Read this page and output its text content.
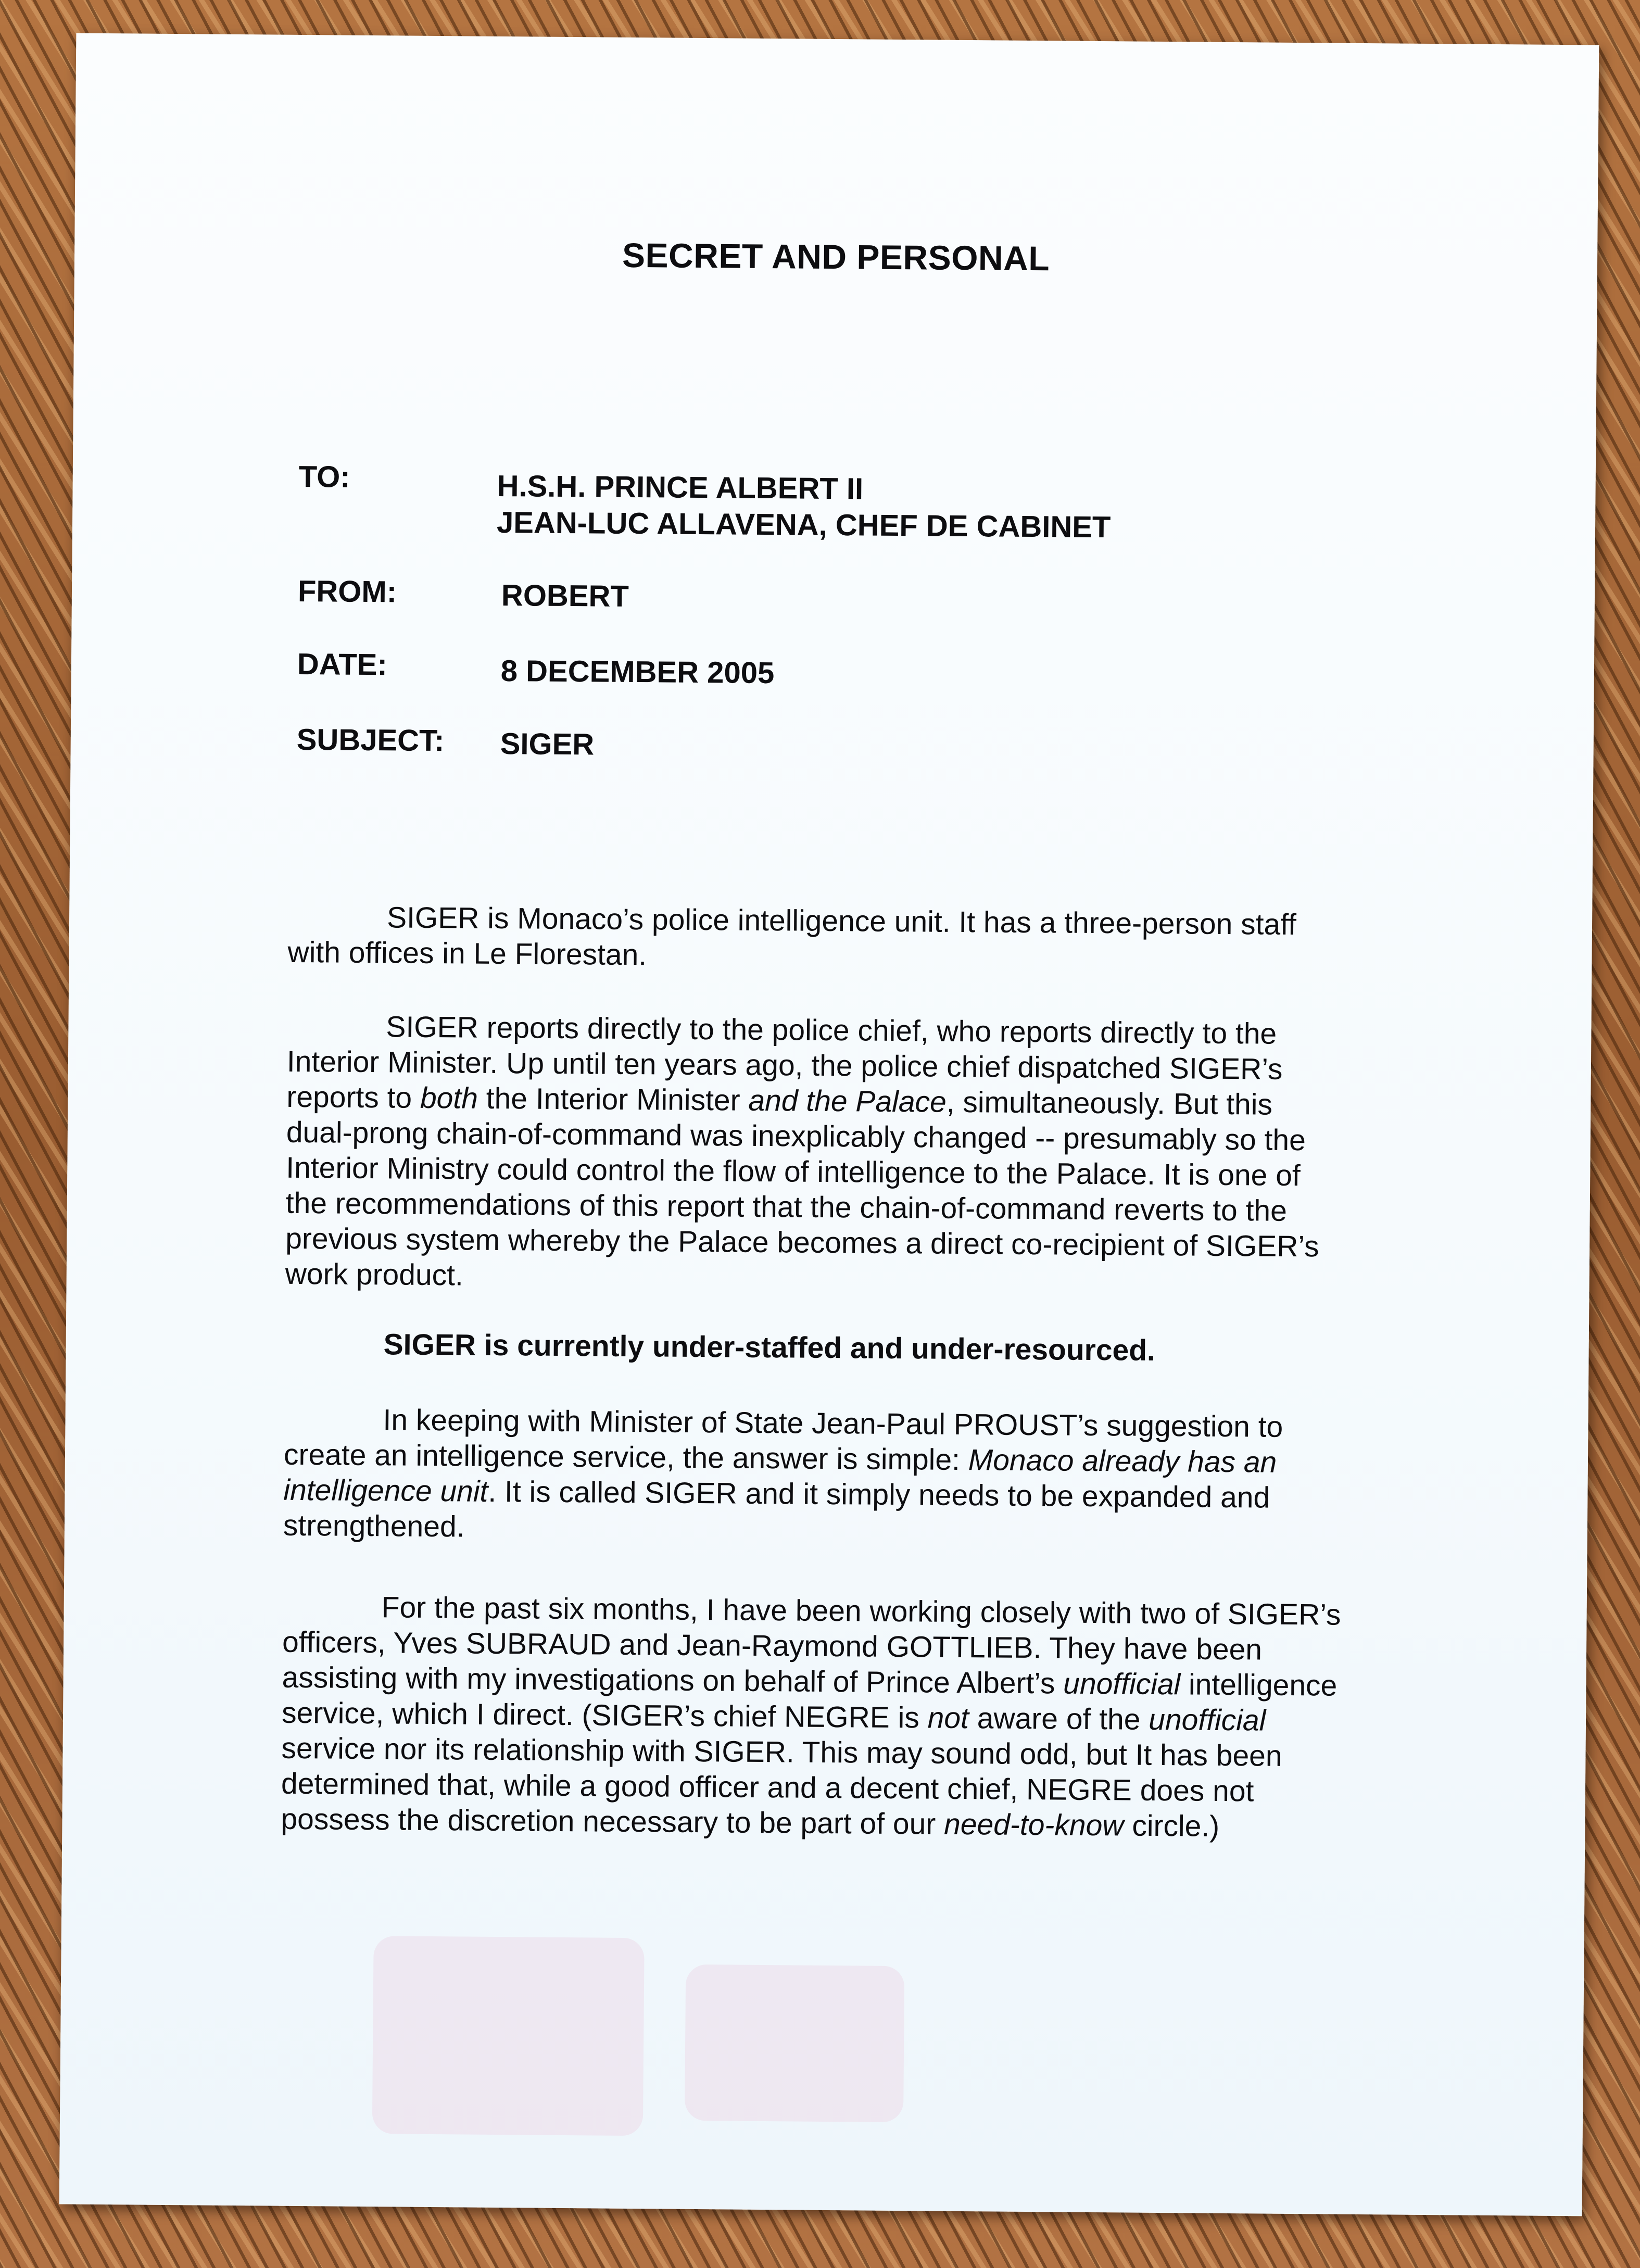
SECRET AND PERSONAL
TO:	H.S.H. PRINCE ALBERT II
JEAN-LUC ALLAVENA, CHEF DE CABINET
FROM:	ROBERT
DATE:	8 DECEMBER 2005
SUBJECT: SIGER
SIGER is Monaco’s police intelligence unit. It has a three-person staff
with offices in Le Florestan.
SIGER reports directly to the police chief, who reports directly to the
Interior Minister. Up until ten years ago, the police chief dispatched SIGER’s
reports to both the Interior Minister and the Palace, simultaneously. But this
dual-prong chain-of-command was inexplicably changed -- presumably so the
Interior Ministry could control the flow of intelligence to the Palace. It is one of
the recommendations of this report that the chain-of-command reverts to the
previous system whereby the Palace becomes a direct co-recipient of SIGER’s
work product.
SIGER is currently under-staffed and under-resourced.
In keeping with Minister of State Jean-Paul PROUST’s suggestion to
create an intelligence service, the answer is simple: Monaco already has an
intelligence unit. It is called SIGER and it simply needs to be expanded and
strengthened.
For the past six months, I have been working closely with two of SIGER’s
officers, Yves SUBRAUD and Jean-Raymond GOTTLIEB. They have been
assisting with my investigations on behalf of Prince Albert’s unofficial intelligence
service, which I direct. (SIGER’s chief NEGRE is not aware of the unofficial
service nor its relationship with SIGER. This may sound odd, but It has been
determined that, while a good officer and a decent chief, NEGRE does not
possess the discretion necessary to be part of our need-to-know circle.)
